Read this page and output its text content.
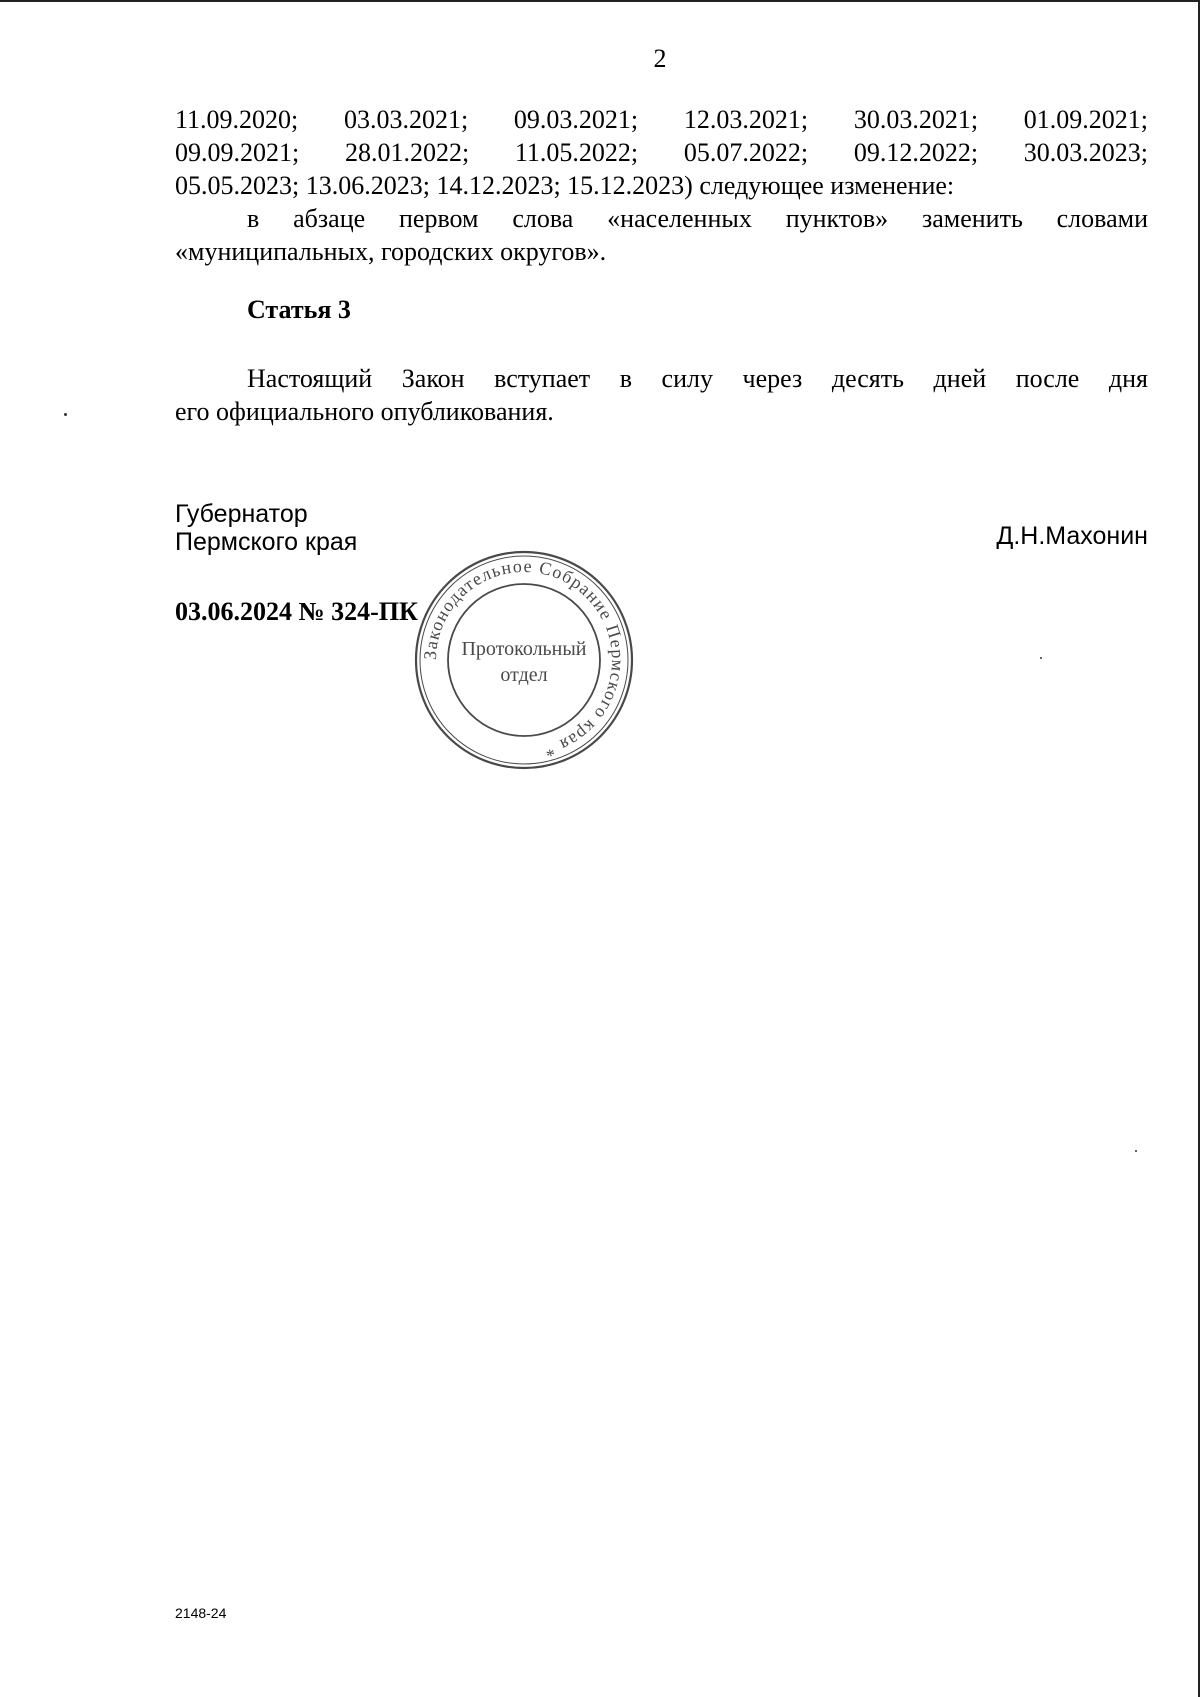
2
11.09.2020; 03.03.2021; 09.03.2021; 12.03.2021; 30.03.2021; 01.09.2021;
09.09.2021; 28.01.2022; 11.05.2022; 05.07.2022; 09.12.2022; 30.03.2023;
05.05.2023; 13.06.2023; 14.12.2023; 15.12.2023) следующее изменение:
в абзаце первом слова «населенных пунктов» заменить словами
«муниципальных, городских округов».
Статья 3
Настоящий Закон вступает в силу через десять дней после дня
его официального опубликования.
Губернатор
Пермского края	Д.Н.Махонин
03.06.2024 № 324-ПК
Законодательное Собрание Пермского края *
Протокольный
отдел
2148-24
